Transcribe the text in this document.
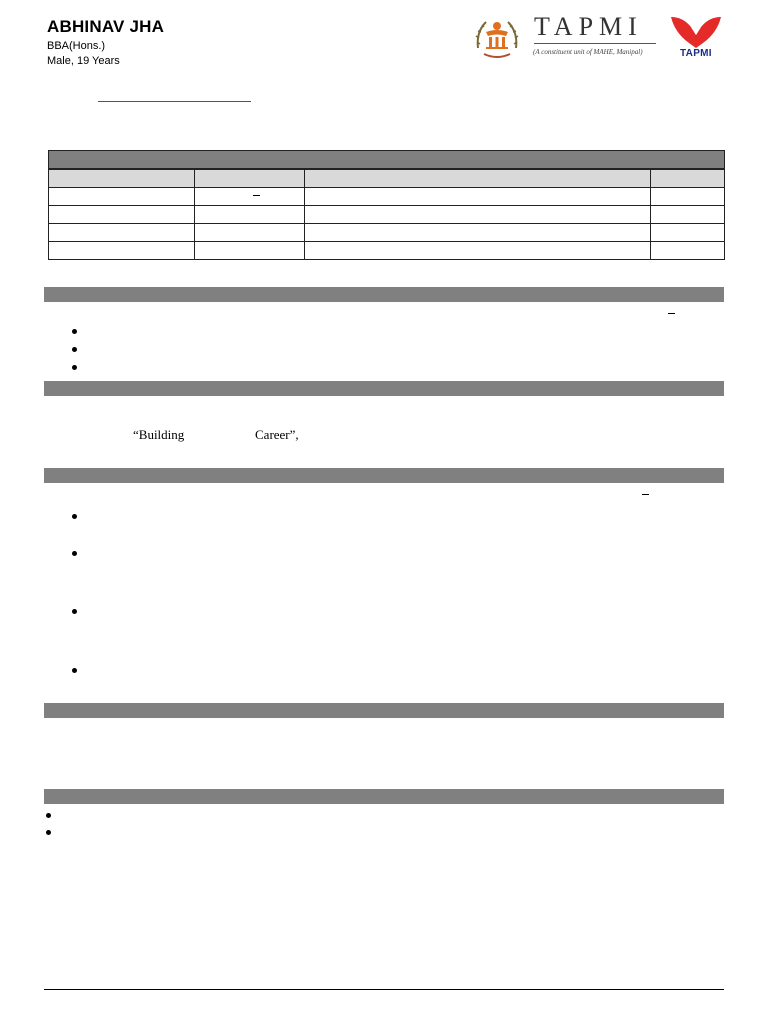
ABHINAV JHA
BBA(Hons.)
Male, 19 Years
TAPMI
(A constituent unit of MAHE, Manipal)	TAPMI

“Building	Career”,
